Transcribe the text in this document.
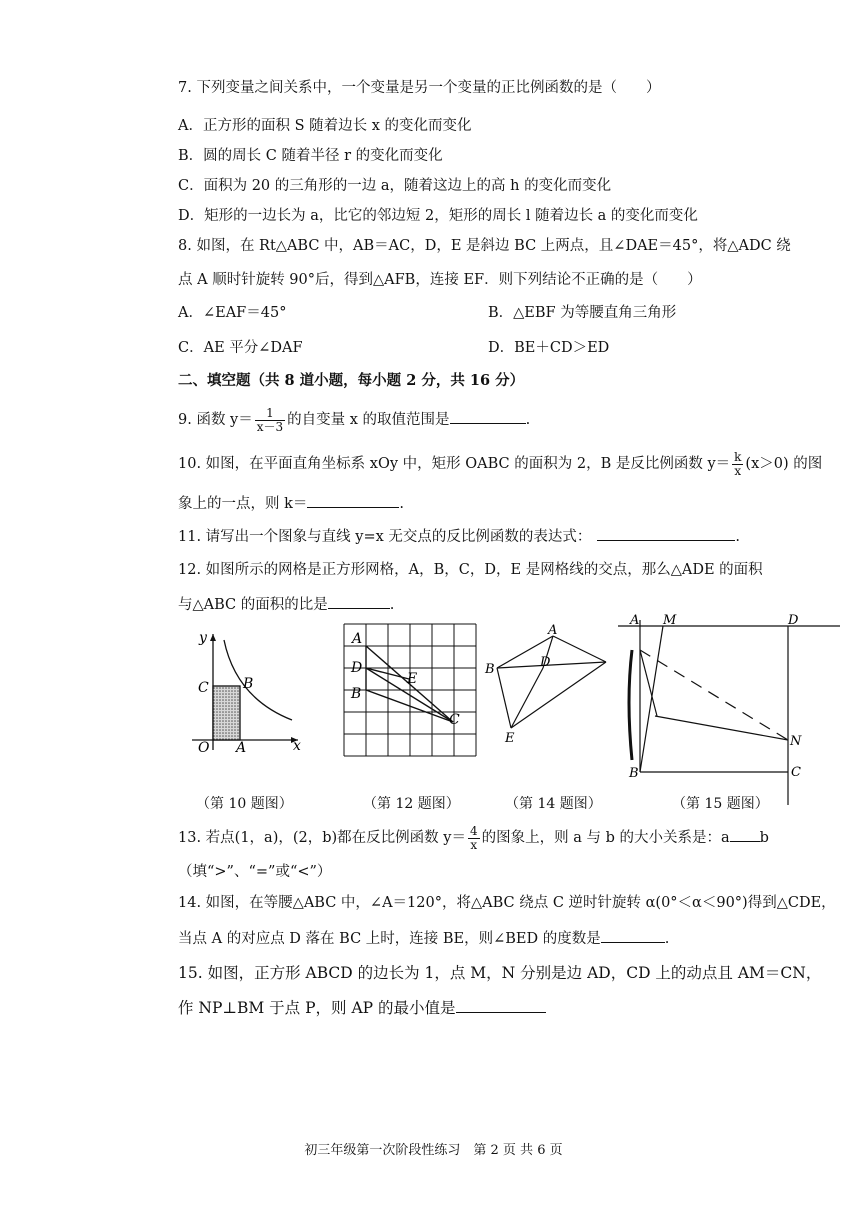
7. 下列变量之间关系中，一个变量是另一个变量的正比例函数的是（　　）
A．正方形的面积 S 随着边长 x 的变化而变化
B．圆的周长 C 随着半径 r 的变化而变化
C．面积为 20 的三角形的一边 a，随着这边上的高 h 的变化而变化
D．矩形的一边长为 a，比它的邻边短 2，矩形的周长 l 随着边长 a 的变化而变化
8. 如图，在 Rt△ABC 中，AB＝AC，D，E 是斜边 BC 上两点，且∠DAE＝45°，将△ADC 绕
点 A 顺时针旋转 90°后，得到△AFB，连接 EF．则下列结论不正确的是（　　）
A．∠EAF＝45°	B．△EBF 为等腰直角三角形
C．AE 平分∠DAF	D．BE＋CD＞ED
二、填空题（共 8 道小题，每小题 2 分，共 16 分）
9. 函数 $y= \frac{1}{x-3}$ 的自变量 x 的取值范围是	.
10. 如图，在平面直角坐标系 xOy 中，矩形 OABC 的面积为 2，B 是反比例函数 $y= \frac{k}{x} (x>0)$ 的图
象上的一点，则 k＝	.
11. 请写出一个图象与直线 y=x 无交点的反比例函数的表达式：	.
12. 如图所示的网格是正方形网格，A，B，C，D，E 是网格线的交点，那么△ADE 的面积
与△ABC 的面积的比是	.
y
x
O A
B
C
A
D
B
E
C
A
B	D
E
A M	D
B	C
N
（第 10 题图）	（第 12 题图）	（第 14 题图）	（第 15 题图）
13. 若点(1，a)，(2，b)都在反比例函数 $y= \frac{4}{x}$ 的图象上，则 a 与 b 的大小关系是：a b
（填“>”、“=”或“<”）
14. 如图，在等腰△ABC 中，∠A＝120°，将△ABC 绕点 C 逆时针旋转 α(0°＜α＜90°)得到△CDE，
当点 A 的对应点 D 落在 BC 上时，连接 BE，则∠BED 的度数是	.
15. 如图，正方形 ABCD 的边长为 1，点 M，N 分别是边 AD，CD 上的动点且 AM＝CN，
作 NP⊥BM 于点 P，则 AP 的最小值是
初三年级第一次阶段性练习　第 2 页 共 6 页
